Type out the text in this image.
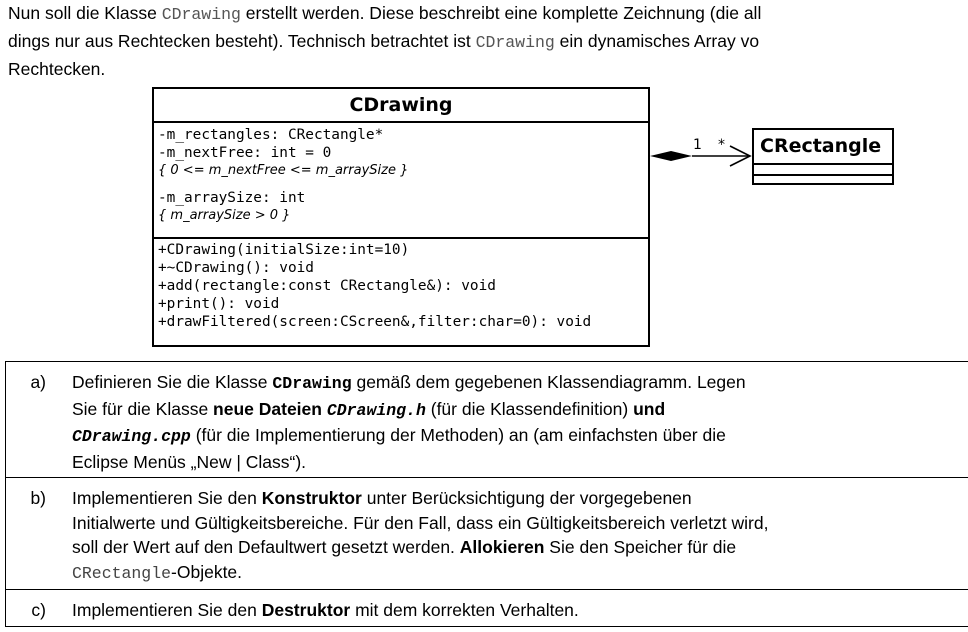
Nun soll die Klasse CDrawing erstellt werden. Diese beschreibt eine komplette Zeichnung (die all
dings nur aus Rechtecken besteht). Technisch betrachtet ist CDrawing ein dynamisches Array vo
Rechtecken.
CDrawing
-m_rectangles: CRectangle*
-m_nextFree: int = 0
{ 0 <= m_nextFree <= m_arraySize }
-m_arraySize: int
{ m_arraySize > 0 }
+CDrawing(initialSize:int=10)
+~CDrawing(): void
+add(rectangle:const CRectangle&): void
+print(): void
+drawFiltered(screen:CScreen&,filter:char=0): void
1 *	CRectangle
a)	Definieren Sie die Klasse CDrawing gemäß dem gegebenen Klassendiagramm. Legen
Sie für die Klasse neue Dateien CDrawing.h (für die Klassendefinition) und
CDrawing.cpp (für die Implementierung der Methoden) an (am einfachsten über die
Eclipse Menüs „New | Class“).
b)	Implementieren Sie den Konstruktor unter Berücksichtigung der vorgegebenen
Initialwerte und Gültigkeitsbereiche. Für den Fall, dass ein Gültigkeitsbereich verletzt wird,
soll der Wert auf den Defaultwert gesetzt werden. Allokieren Sie den Speicher für die
CRectangle-Objekte.
c)	Implementieren Sie den Destruktor mit dem korrekten Verhalten.
